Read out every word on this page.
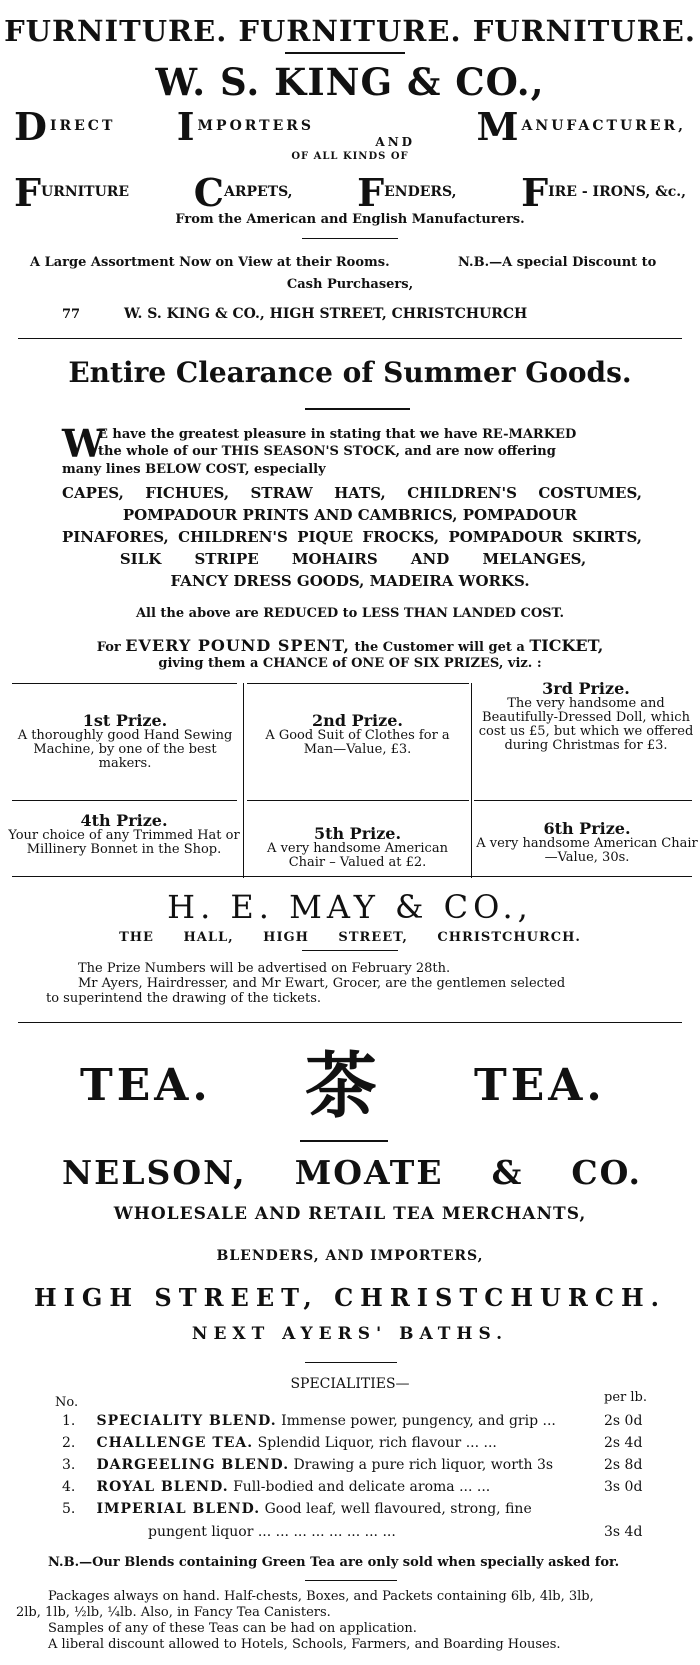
FURNITURE. FURNITURE. FURNITURE.
W. S. KING & CO.,
DIRECT IMPORTERS
AND MANUFACTURER,
OF ALL KINDS OF
FURNITURE CARPETS, FENDERS, FIRE - IRONS, &c.,
From the American and English Manufacturers.
A Large Assortment Now on View at their Rooms.	N.B.—A special Discount to
Cash Purchasers,
77	W. S. KING & CO., HIGH STREET, CHRISTCHURCH
Entire Clearance of Summer Goods.
W
E have the greatest pleasure in stating that we have RE-MARKED
the whole of our THIS SEASON'S STOCK, and are now offering
many lines BELOW COST, especially
CAPES, FICHUES, STRAW HATS, CHILDREN'S COSTUMES,
POMPADOUR PRINTS AND CAMBRICS, POMPADOUR
PINAFORES, CHILDREN'S PIQUE FROCKS, POMPADOUR SKIRTS,
SILK STRIPE MOHAIRS AND MELANGES,
FANCY DRESS GOODS, MADEIRA WORKS.
All the above are REDUCED to LESS THAN LANDED COST.
For EVERY POUND SPENT, the Customer will get a TICKET,
giving them a CHANCE of ONE OF SIX PRIZES, viz. :
1st Prize.
A thoroughly good Hand Sewing Machine, by one of the best makers.
2nd Prize.
A Good Suit of Clothes for a Man—Value, £3.
3rd Prize.
The very handsome and Beautifully-Dressed Doll, which cost us £5, but which we offered during Christmas for £3.
4th Prize.
Your choice of any Trimmed Hat or Millinery Bonnet in the Shop.
5th Prize.
A very handsome American Chair – Valued at £2.
6th Prize.
A very handsome American Chair—Value, 30s.
H. E. MAY & CO.,
THE HALL, HIGH STREET, CHRISTCHURCH.
The Prize Numbers will be advertised on February 28th.
Mr Ayers, Hairdresser, and Mr Ewart, Grocer, are the gentlemen selected
to superintend the drawing of the tickets.
TEA. 茶 TEA.
NELSON, MOATE & CO.
WHOLESALE AND RETAIL TEA MERCHANTS,
BLENDERS, AND IMPORTERS,
HIGH STREET, CHRISTCHURCH.
NEXT AYERS' BATHS.
SPECIALITIES—
No.	per lb.
1. SPECIALITY BLEND. Immense power, pungency, and grip ...	2s 0d
2. CHALLENGE TEA. Splendid Liquor, rich flavour ... ...	2s 4d
3. DARGEELING BLEND. Drawing a pure rich liquor, worth 3s	2s 8d
4. ROYAL BLEND. Full-bodied and delicate aroma ... ...	3s 0d
5. IMPERIAL BLEND. Good leaf, well flavoured, strong, fine
pungent liquor ... ... ... ... ... ... ... ...	3s 4d
N.B.—Our Blends containing Green Tea are only sold when specially asked for.
Packages always on hand. Half-chests, Boxes, and Packets containing 6lb, 4lb, 3lb,
2lb, 1lb, ½lb, ¼lb. Also, in Fancy Tea Canisters.
Samples of any of these Teas can be had on application.
A liberal discount allowed to Hotels, Schools, Farmers, and Boarding Houses.
